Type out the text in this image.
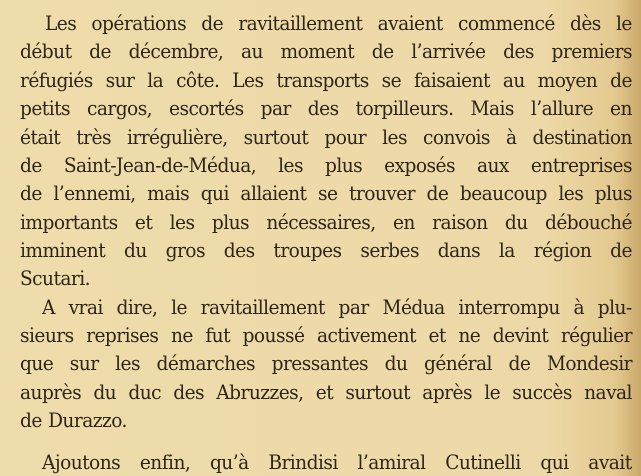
Les opérations de ravitaillement avaient commencé dès le
début de décembre, au moment de l’arrivée des premiers
réfugiés sur la côte. Les transports se faisaient au moyen de
petits cargos, escortés par des torpilleurs. Mais l’allure en
était très irrégulière, surtout pour les convois à destination
de Saint-Jean-de-Médua, les plus exposés aux entreprises
de l’ennemi, mais qui allaient se trouver de beaucoup les plus
importants et les plus nécessaires, en raison du débouché
imminent du gros des troupes serbes dans la région de
Scutari.
A vrai dire, le ravitaillement par Médua interrompu à plu-
sieurs reprises ne fut poussé activement et ne devint régulier
que sur les démarches pressantes du général de Mondesir
auprès du duc des Abruzzes, et surtout après le succès naval
de Durazzo.
Ajoutons enfin, qu’à Brindisi l’amiral Cutinelli qui avait
